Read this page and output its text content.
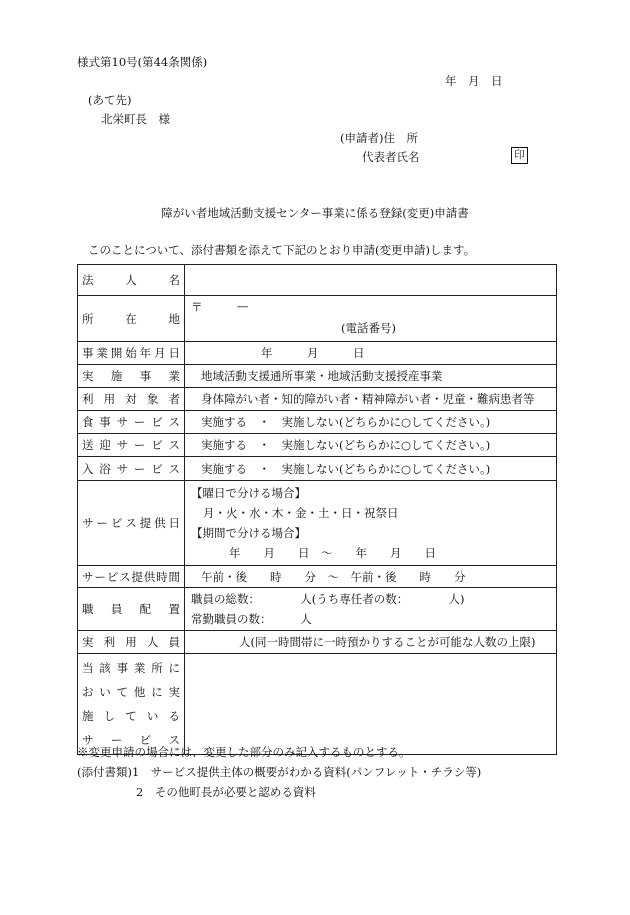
様式第10号(第44条関係)
年　月　日
(あて先)
北栄町長　様
(申請者)住　所
代表者氏名	印
障がい者地域活動支援センター事業に係る登録(変更)申請書
このことについて、添付書類を添えて下記のとおり申請(変更申請)します。
法人名	
所在地	〒 —
(電話番号)

事業開始年月日	年　　　月　　　日
実施事業	地域活動支援通所事業・地域活動支援授産事業
利用対象者	身体障がい者・知的障がい者・精神障がい者・児童・難病患者等
食事サービス	実施する　・　実施しない(どちらかに○してください。)
送迎サービス	実施する　・　実施しない(どちらかに○してください。)
入浴サービス	実施する　・　実施しない(どちらかに○してください。)
サービス提供日	【曜日で分ける場合】
月・火・水・木・金・土・日・祝祭日
【期間で分ける場合】
年　　月　　日　～　　年　　月　　日

サービス提供時間	午前・後　　時　　分　～　午前・後　　時　　分
職員配置	職員の総数：　　　　人(うち専任者の数：　　　　人)
常勤職員の数：　　　人

実利用人員	人(同一時間帯に一時預かりすることが可能な人数の上限)

当該事業所に
おいて他に実
施している
サービス	

※変更申請の場合には、変更した部分のみ記入するものとする。
(添付書類)1　サービス提供主体の概要がわかる資料(パンフレット・チラシ等)
2　その他町長が必要と認める資料
